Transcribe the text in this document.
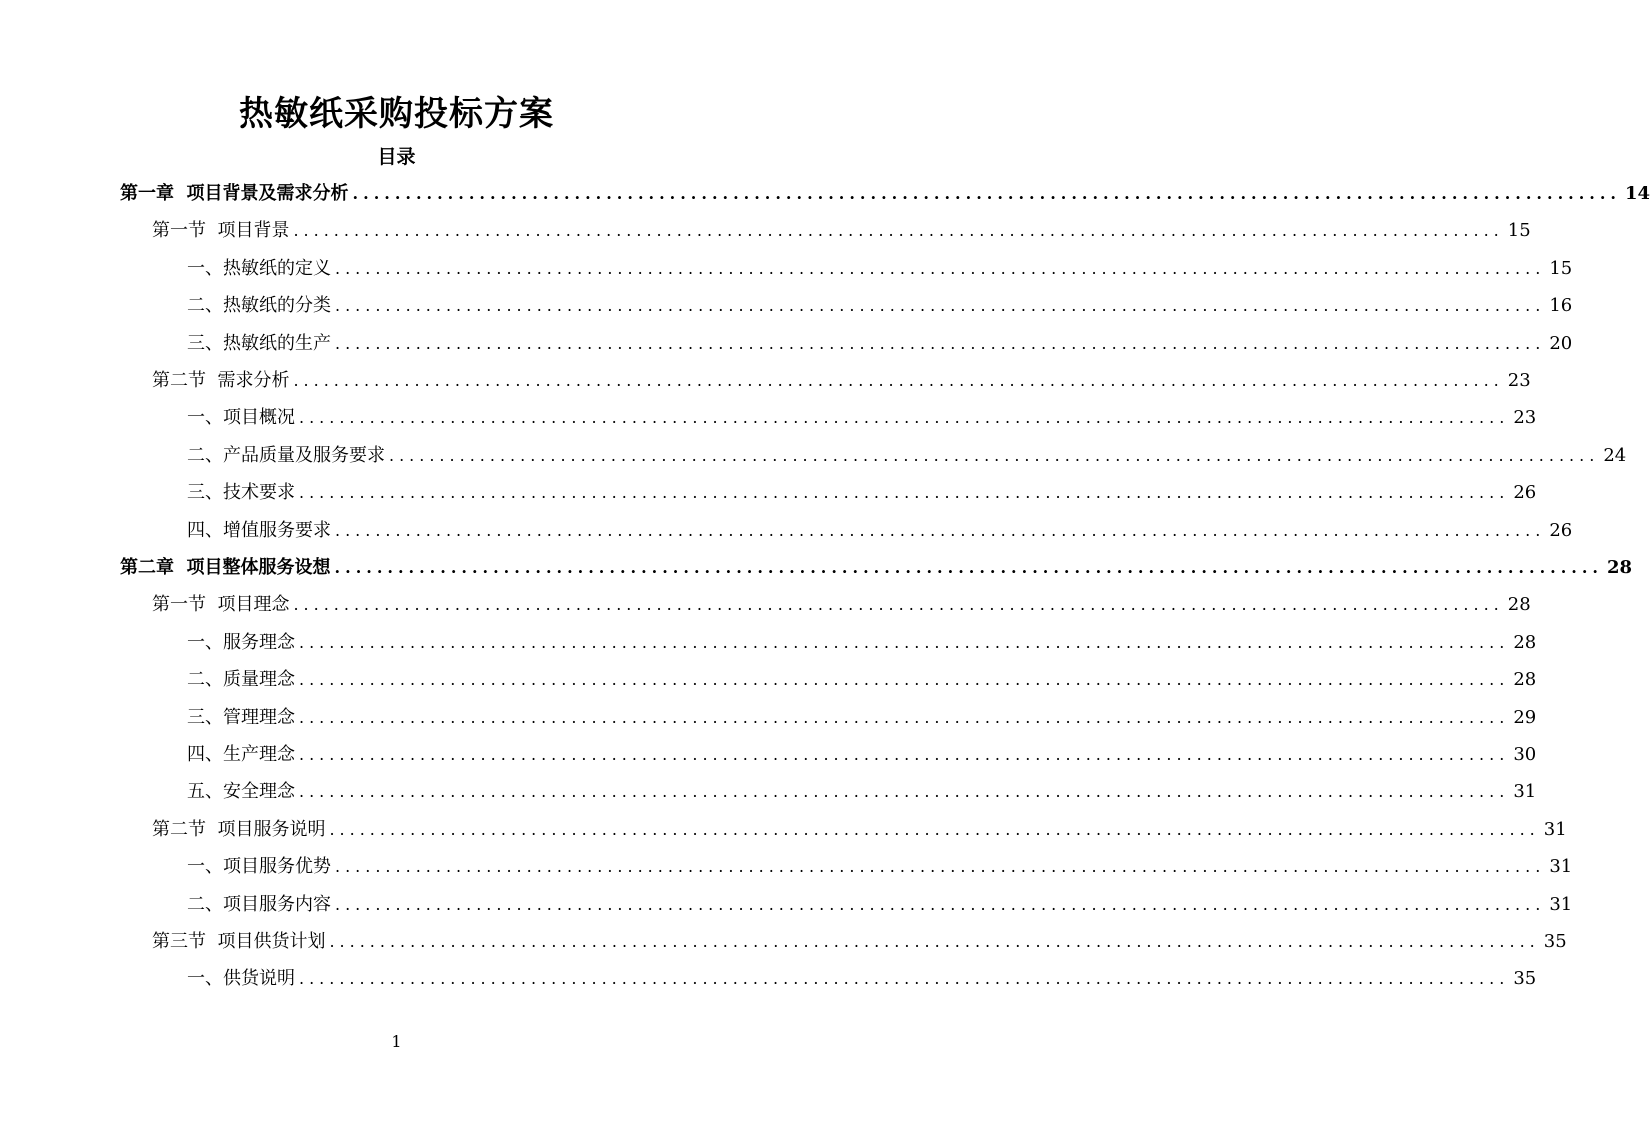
热敏纸采购投标方案
目录
第一章  项目背景及需求分析 ........................................................................................................................ 14
第一节  项目背景 ........................................................................................................................ 15
一、热敏纸的定义 ........................................................................................................................ 15
二、热敏纸的分类 ........................................................................................................................ 16
三、热敏纸的生产 ........................................................................................................................ 20
第二节  需求分析 ........................................................................................................................ 23
一、项目概况 ........................................................................................................................ 23
二、产品质量及服务要求 ........................................................................................................................ 24
三、技术要求 ........................................................................................................................ 26
四、增值服务要求 ........................................................................................................................ 26
第二章  项目整体服务设想 ........................................................................................................................ 28
第一节  项目理念 ........................................................................................................................ 28
一、服务理念 ........................................................................................................................ 28
二、质量理念 ........................................................................................................................ 28
三、管理理念 ........................................................................................................................ 29
四、生产理念 ........................................................................................................................ 30
五、安全理念 ........................................................................................................................ 31
第二节  项目服务说明 ........................................................................................................................ 31
一、项目服务优势 ........................................................................................................................ 31
二、项目服务内容 ........................................................................................................................ 31
第三节  项目供货计划 ........................................................................................................................ 35
一、供货说明 ........................................................................................................................ 35
1
